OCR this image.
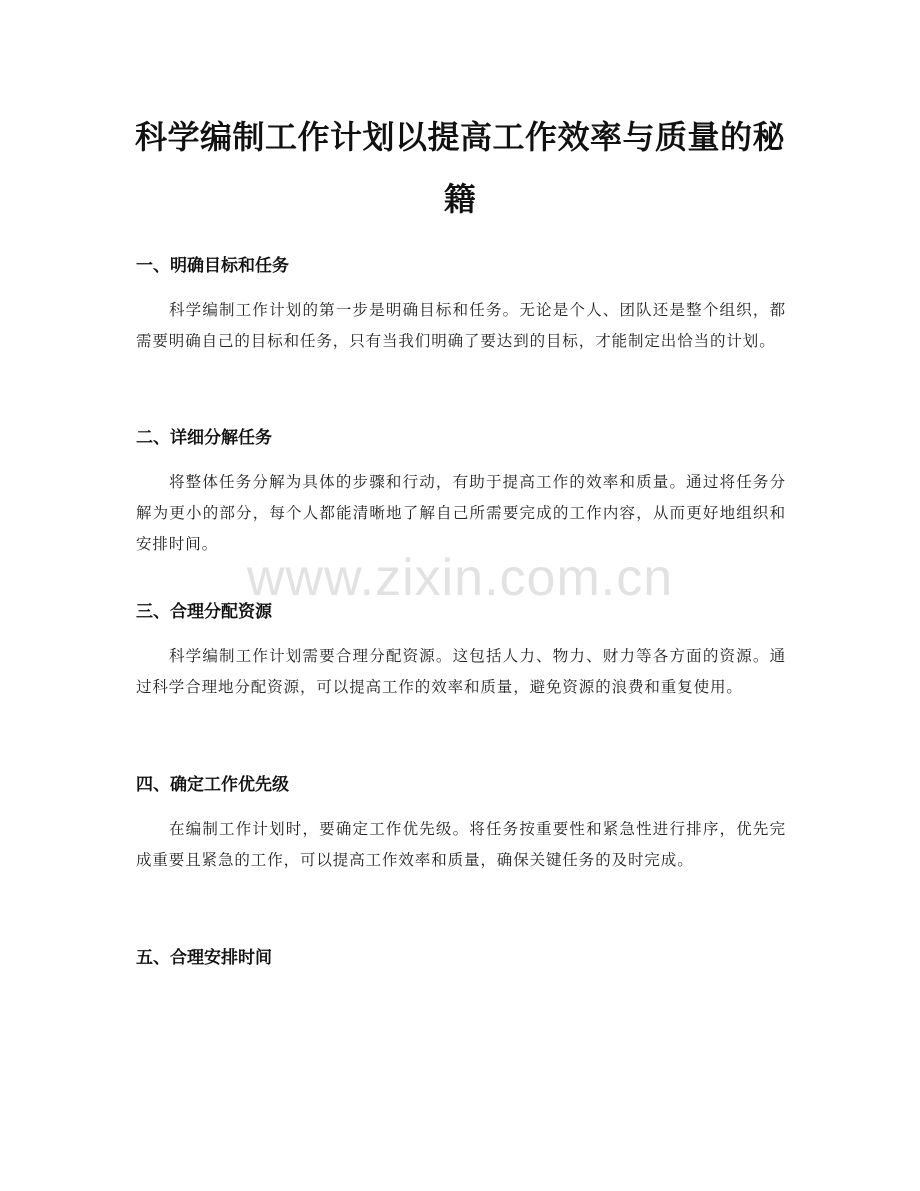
科学编制工作计划以提高工作效率与质量的秘籍
一、明确目标和任务

科学编制工作计划的第一步是明确目标和任务。无论是个人、团队还是整个组织，都需要明确自己的目标和任务，只有当我们明确了要达到的目标，才能制定出恰当的计划。

二、详细分解任务

将整体任务分解为具体的步骤和行动，有助于提高工作的效率和质量。通过将任务分解为更小的部分，每个人都能清晰地了解自己所需要完成的工作内容，从而更好地组织和安排时间。

三、合理分配资源

科学编制工作计划需要合理分配资源。这包括人力、物力、财力等各方面的资源。通过科学合理地分配资源，可以提高工作的效率和质量，避免资源的浪费和重复使用。

四、确定工作优先级

在编制工作计划时，要确定工作优先级。将任务按重要性和紧急性进行排序，优先完成重要且紧急的工作，可以提高工作效率和质量，确保关键任务的及时完成。

五、合理安排时间
www.zixin.com.cn
